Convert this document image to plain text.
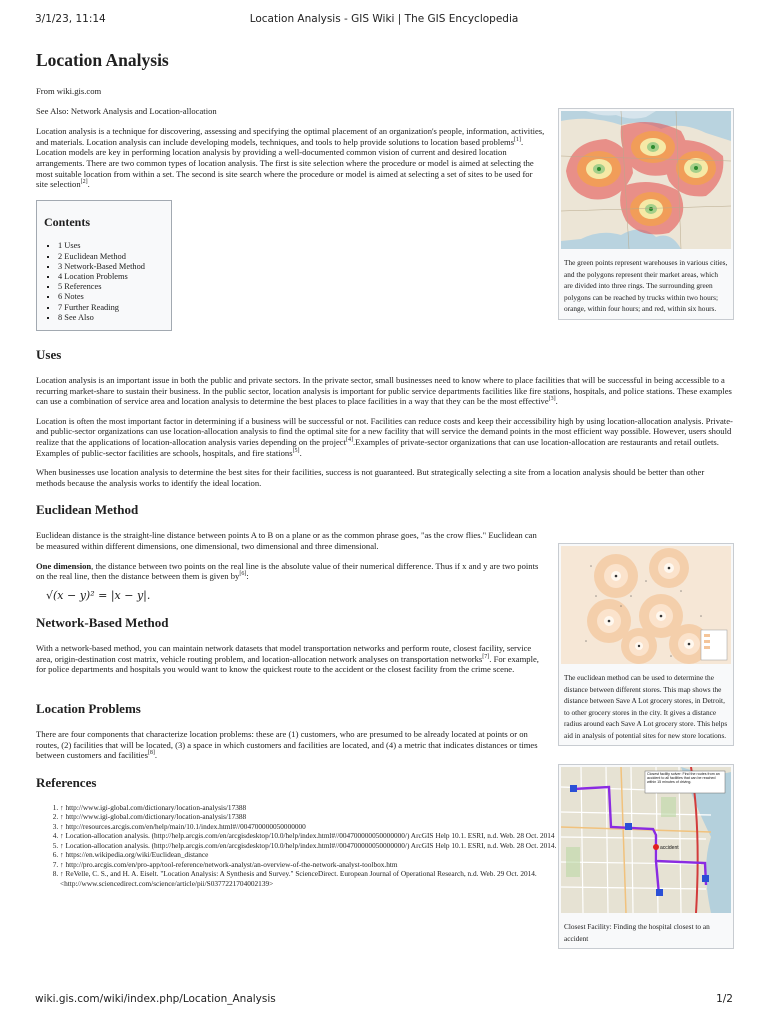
3/1/23, 11:14	Location Analysis - GIS Wiki | The GIS Encyclopedia
Location Analysis

From wiki.gis.com

See Also: Network Analysis and Location-allocation

Location analysis is a technique for discovering, assessing and specifying the optimal placement of an organization's people, information, activities, and materials. Location analysis can include developing models, techniques, and tools to help provide solutions to location based problems[1]. Location models are key in performing location analysis by providing a well-documented common vision of current and desired location arrangements. There are two common types of location analysis. The first is site selection where the procedure or model is aimed at selecting the most suitable location from within a set. The second is site search where the procedure or model is aimed at selecting a set of sites to be used for site selection[2].

Contents
▪ 1 Uses
▪ 2 Euclidean Method
▪ 3 Network-Based Method
▪ 4 Location Problems
▪ 5 References
▪ 6 Notes
▪ 7 Further Reading
▪ 8 See Also
Uses

Location analysis is an important issue in both the public and private sectors. In the private sector, small businesses need to know where to place facilities that will be successful in being accessible to a recurring market-share to sustain their business. In the public sector, location analysis is important for public service departments facilities like fire stations, hospitals, and police stations. These examples can use a combination of service area and location analysis to determine the best places to place facilities in a way that they can be the most effective[3].

Location is often the most important factor in determining if a business will be successful or not. Facilities can reduce costs and keep their accessibility high by using location-allocation analysis. Private- and public-sector organizations can use location-allocation analysis to find the optimal site for a new facility that will service the demand points in the most efficient way possible. However, users should realize that the applications of location-allocation analysis varies depending on the project[4].Examples of private-sector organizations that can use location-allocation are restaurants and retail outlets. Examples of public-sector facilities are schools, hospitals, and fire stations[5].

When businesses use location analysis to determine the best sites for their facilities, success is not guaranteed. But strategically selecting a site from a location analysis should be better than other methods because the analysis works to identify the ideal location.

Euclidean Method

Euclidean distance is the straight-line distance between points A to B on a plane or as the common phrase goes, "as the crow flies." Euclidean can be measured within different dimensions, one dimensional, two dimensional and three dimensional.

One dimension, the distance between two points on the real line is the absolute value of their numerical difference. Thus if x and y are two points on the real line, then the distance between them is given by[6]:

√(x − y)² = |x − y|.
Network-Based Method

With a network-based method, you can maintain network datasets that model transportation networks and perform route, closest facility, service area, origin-destination cost matrix, vehicle routing problem, and location-allocation network analyses on transportation networks[7]. For example, for police departments and hospitals you would want to know the quickest route to the accident or the closest facility from the crime scene.

Location Problems

There are four components that characterize location problems: these are (1) customers, who are presumed to be already located at points or on routes, (2) facilities that will be located, (3) a space in which customers and facilities are located, and (4) a metric that indicates distances or times between customers and facilities[8].

References
1. ↑ http://www.igi-global.com/dictionary/location-analysis/17388
2. ↑ http://www.igi-global.com/dictionary/location-analysis/17388
3. ↑ http://resources.arcgis.com/en/help/main/10.1/index.html#//004700000050000000
4. ↑ Location-allocation analysis. (http://help.arcgis.com/en/arcgisdesktop/10.0/help/index.html#//004700000050000000/) ArcGIS Help 10.1. ESRI, n.d. Web. 28 Oct. 2014
5. ↑ Location-allocation analysis. (http://help.arcgis.com/en/arcgisdesktop/10.0/help/index.html#//004700000050000000/) ArcGIS Help 10.1. ESRI, n.d. Web. 28 Oct. 2014.
6. ↑ https://en.wikipedia.org/wiki/Euclidean_distance
7. ↑ http://pro.arcgis.com/en/pro-app/tool-reference/network-analyst/an-overview-of-the-network-analyst-toolbox.htm
8. ↑ ReVelle, C. S., and H. A. Eiselt. "Location Analysis: A Synthesis and Survey." ScienceDirect. European Journal of Operational Research, n.d. Web. 29 Oct. 2014. <http://www.sciencedirect.com/science/article/pii/S0377221704002139>
The green points represent warehouses in various cities, and the polygons represent their market areas, which are divided into three rings. The surrounding green polygons can be reached by trucks within two hours; orange, within four hours; and red, within six hours.
The euclidean method can be used to determine the distance between different stores. This map shows the distance between Save A Lot grocery stores, in Detroit, to other grocery stores in the city. It gives a distance radius around each Save A Lot grocery store. This helps aid in analysis of potential sites for new store locations.
accident
Closest facility solver: Find the routes from an accident to all facilities that can be reached within 15 minutes of driving.
Closest Facility: Finding the hospital closest to an accident
wiki.gis.com/wiki/index.php/Location_Analysis	1/2
